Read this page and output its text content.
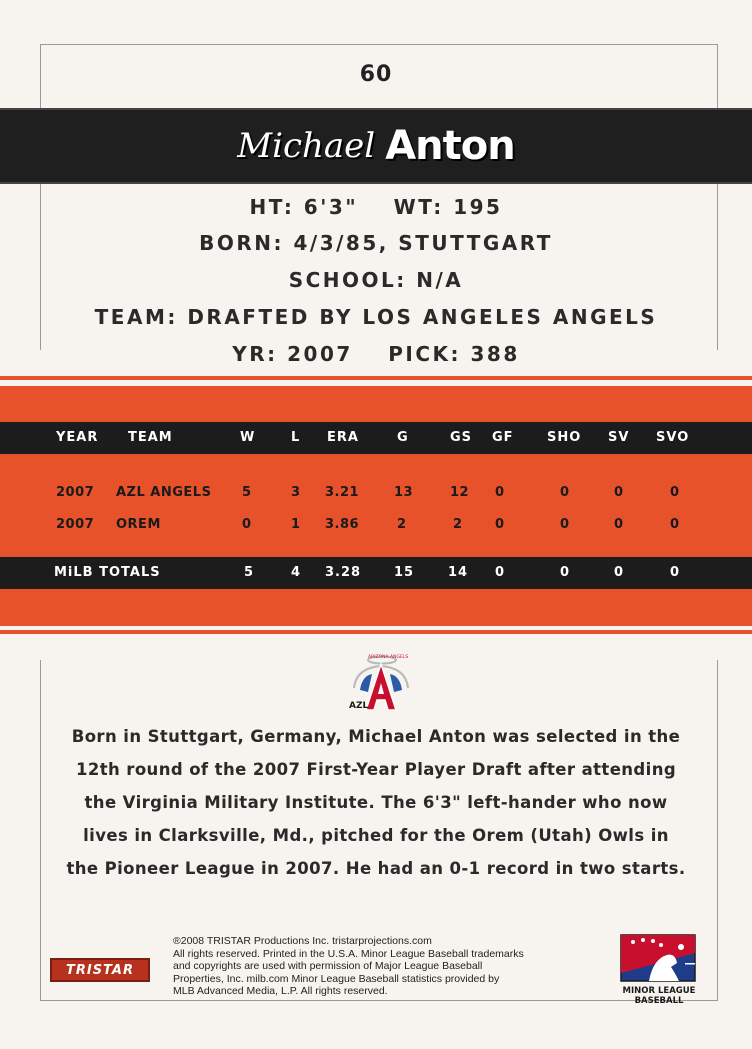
60
Michael Anton
HT: 6'3" WT: 195
BORN: 4/3/85, STUTTGART
SCHOOL: N/A
TEAM: DRAFTED BY LOS ANGELES ANGELS
YR: 2007 PICK: 388
YEAR TEAM	W	L ERA	G	GS GF	SHO SV SVO
2007 AZL ANGELS 5	3 3.21	13	12 0	0	0	0
2007 OREM	0	1 3.86	2	2 0	0	0	0
MiLB TOTALS	5	4 3.28	15	14 0	0	0	0
AZL
ARIZONA ANGELS
Born in Stuttgart, Germany, Michael Anton was selected in the
12th round of the 2007 First-Year Player Draft after attending
the Virginia Military Institute. The 6'3" left-hander who now
lives in Clarksville, Md., pitched for the Orem (Utah) Owls in
the Pioneer League in 2007. He had an 0-1 record in two starts.
TRISTAR
®2008 TRISTAR Productions Inc. tristarprojections.com
All rights reserved. Printed in the U.S.A. Minor League Baseball trademarks
and copyrights are used with permission of Major League Baseball
Properties, Inc. milb.com Minor League Baseball statistics provided by
MLB Advanced Media, L.P. All rights reserved.	MINOR LEAGUE
BASEBALL
